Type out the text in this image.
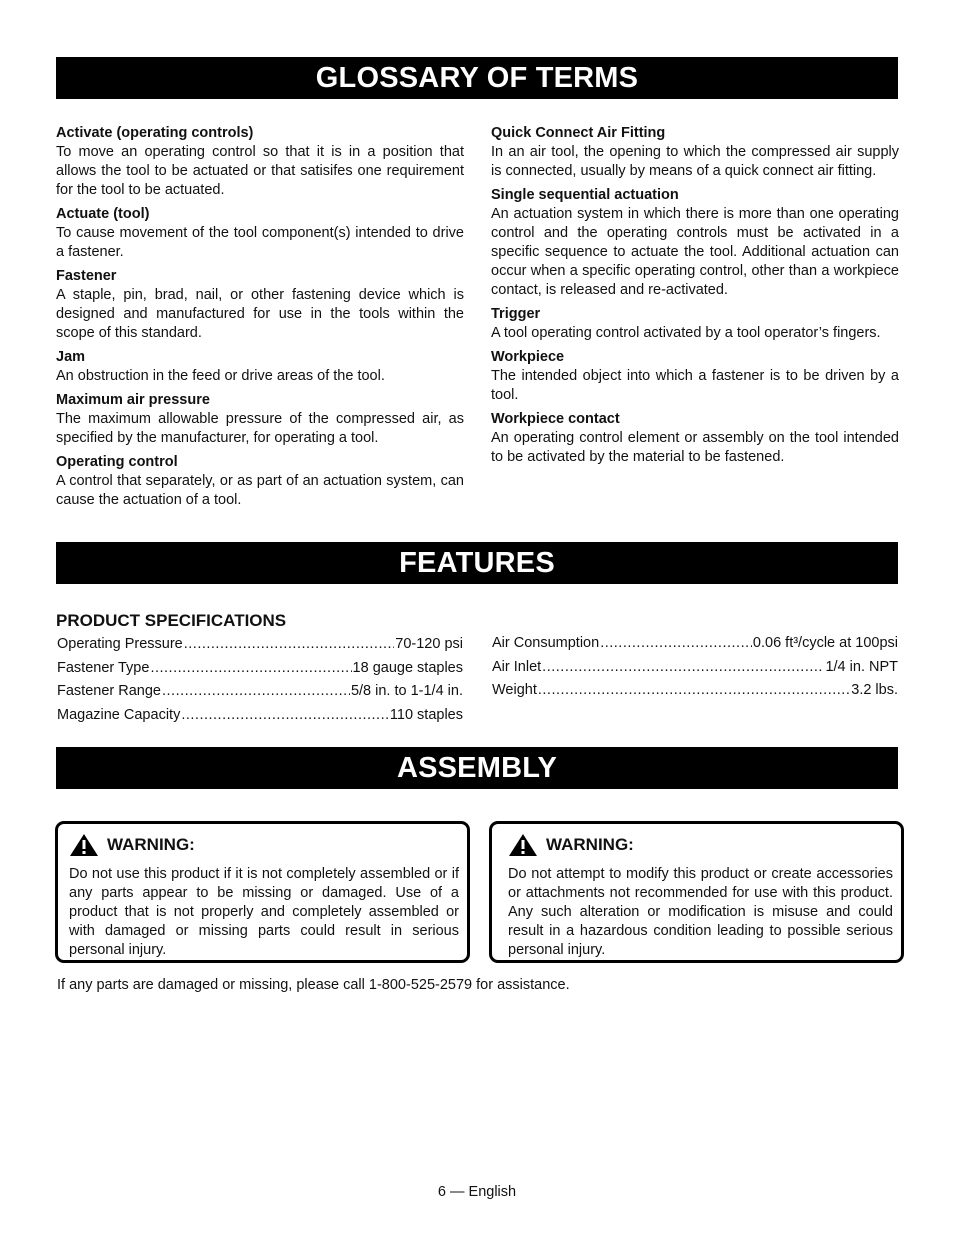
GLOSSARY OF TERMS
Activate (operating controls)
To move an operating control so that it is in a position that allows the tool to be actuated or that satisifes one requirement for the tool to be actuated.
Actuate (tool)
To cause movement of the tool component(s) intended to drive a fastener.
Fastener
A staple, pin, brad, nail, or other fastening device which is designed and manufactured for use in the tools within the scope of this standard.
Jam
An obstruction in the feed or drive areas of the tool.
Maximum air pressure
The maximum allowable pressure of the compressed air, as specified by the manufacturer, for operating a tool.
Operating control
A control that separately, or as part of an actuation system, can cause the actuation of a tool.
Quick Connect Air Fitting
In an air tool, the opening to which the compressed air supply is connected, usually by means of a quick connect air fitting.
Single sequential actuation
An actuation system in which there is more than one operating control and the operating controls must be activated in a specific sequence to actuate the tool. Additional actuation can occur when a specific operating control, other than a workpiece contact, is released and re-activated.
Trigger
A tool operating control activated by a tool operator’s fingers.
Workpiece
The intended object into which a fastener is to be driven by a tool.
Workpiece contact
An operating control element or assembly on the tool intended to be activated by the material to be fastened.
FEATURES
PRODUCT SPECIFICATIONS
Operating Pressure .....	70-120 psi
Fastener Type .....	18 gauge staples
Fastener Range .....	5/8 in. to 1-1/4 in.
Magazine Capacity .....	110 staples
Air Consumption .....	0.06 ft³/cycle at 100psi
Air Inlet .....	1/4 in. NPT
Weight .....	3.2 lbs.
ASSEMBLY
WARNING:
Do not use this product if it is not completely assembled or if any parts appear to be missing or damaged. Use of a product that is not properly and completely assembled or with damaged or missing parts could result in serious personal injury.
WARNING:
Do not attempt to modify this product or create accessories or attachments not recommended for use with this product. Any such alteration or modification is misuse and could result in a hazardous condition leading to possible serious personal injury.
If any parts are damaged or missing, please call 1-800-525-2579 for assistance.
6 — English
